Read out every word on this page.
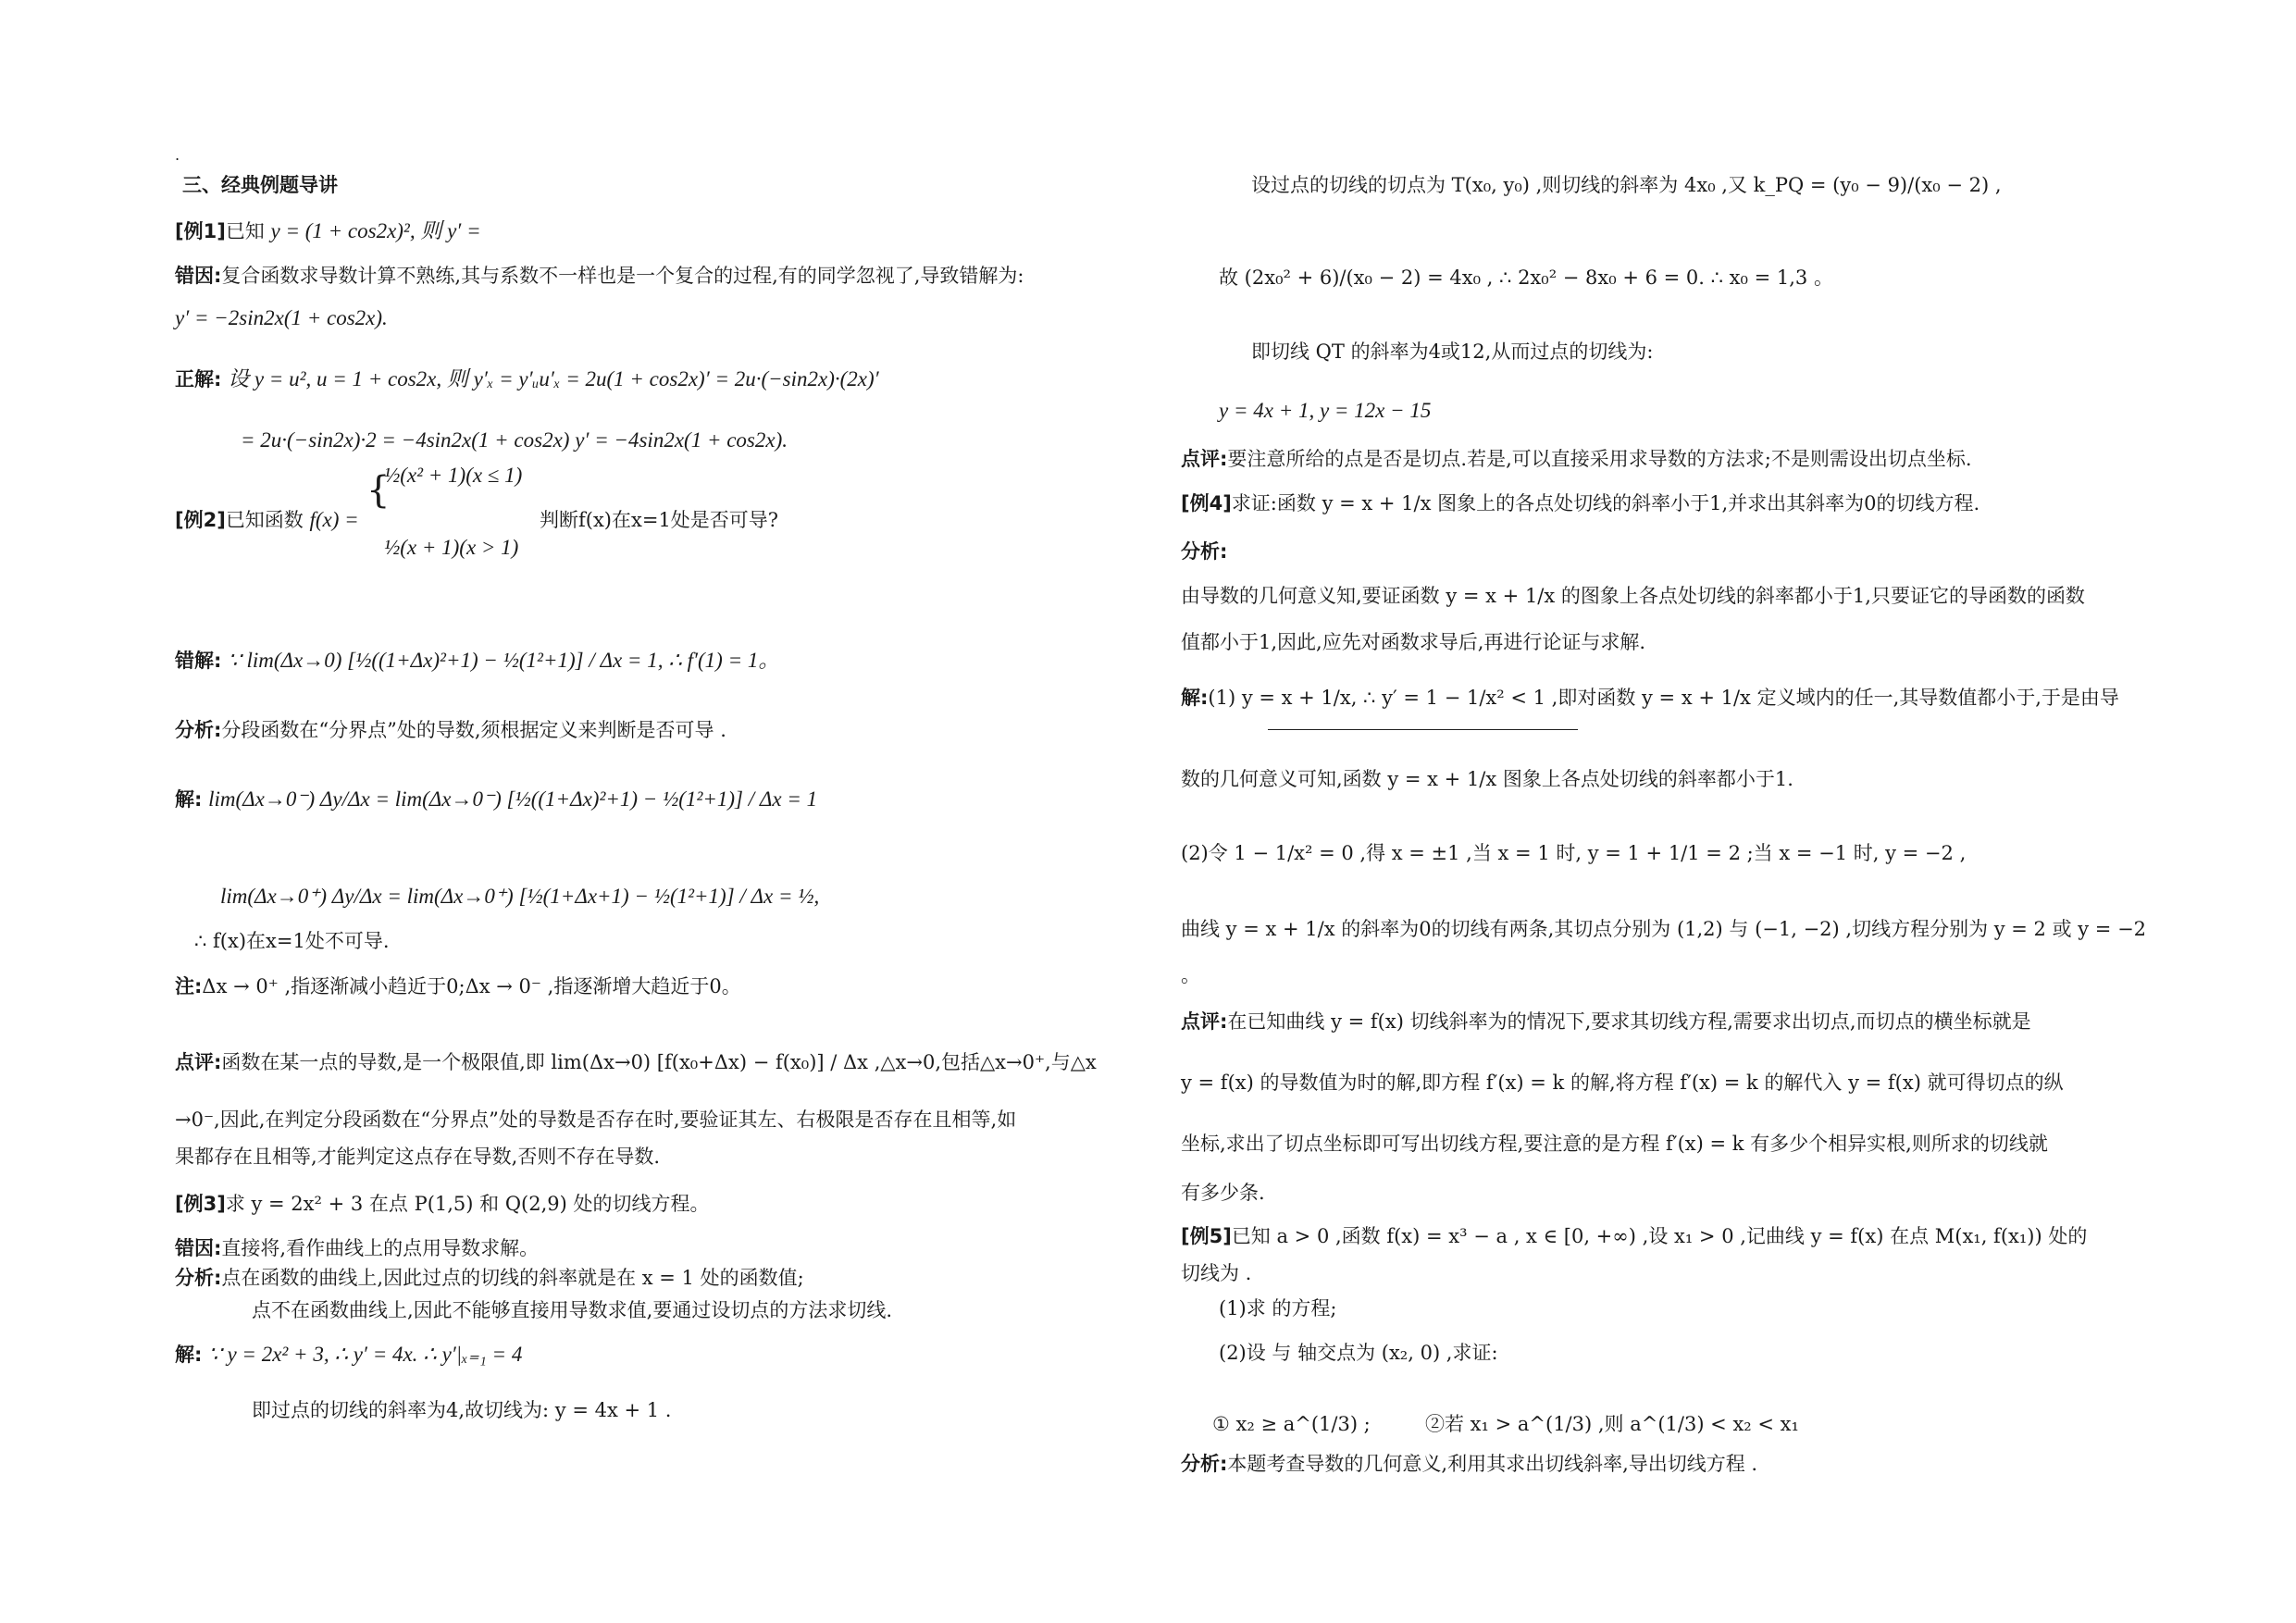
.
三、经典例题导讲
[例1]已知 y = (1 + cos2x)², 则 y′ =
错因:复合函数求导数计算不熟练,其与系数不一样也是一个复合的过程,有的同学忽视了,导致错解为:
y′ = −2sin2x(1 + cos2x).
正解: 设 y = u², u = 1 + cos2x, 则 y′ₓ = y′ᵤu′ₓ = 2u(1 + cos2x)′ = 2u·(−sin2x)·(2x)′
= 2u·(−sin2x)·2 = −4sin2x(1 + cos2x) y′ = −4sin2x(1 + cos2x).
[例2]已知函数 f(x) =
{
½(x² + 1)(x ≤ 1)
½(x + 1)(x > 1)
判断f(x)在x=1处是否可导?
错解: ∵ lim(Δx→0) [½((1+Δx)²+1) − ½(1²+1)] / Δx = 1, ∴ f′(1) = 1。
分析:分段函数在“分界点”处的导数,须根据定义来判断是否可导 .
解: lim(Δx→0⁻) Δy/Δx = lim(Δx→0⁻) [½((1+Δx)²+1) − ½(1²+1)] / Δx = 1
lim(Δx→0⁺) Δy/Δx = lim(Δx→0⁺) [½(1+Δx+1) − ½(1²+1)] / Δx = ½,
∴ f(x)在x=1处不可导.
注:Δx → 0⁺ ,指逐渐减小趋近于0;Δx → 0⁻ ,指逐渐增大趋近于0。
点评:函数在某一点的导数,是一个极限值,即 lim(Δx→0) [f(x₀+Δx) − f(x₀)] / Δx ,△x→0,包括△x→0⁺,与△x
→0⁻,因此,在判定分段函数在“分界点”处的导数是否存在时,要验证其左、右极限是否存在且相等,如
果都存在且相等,才能判定这点存在导数,否则不存在导数.
[例3]求 y = 2x² + 3 在点 P(1,5) 和 Q(2,9) 处的切线方程。
错因:直接将,看作曲线上的点用导数求解。
分析:点在函数的曲线上,因此过点的切线的斜率就是在 x = 1 处的函数值;
点不在函数曲线上,因此不能够直接用导数求值,要通过设切点的方法求切线.
解: ∵ y = 2x² + 3, ∴ y′ = 4x. ∴ y′|ₓ₌₁ = 4
即过点的切线的斜率为4,故切线为: y = 4x + 1 .
设过点的切线的切点为 T(x₀, y₀) ,则切线的斜率为 4x₀ ,又 k_PQ = (y₀ − 9)/(x₀ − 2) ,
故 (2x₀² + 6)/(x₀ − 2) = 4x₀ , ∴ 2x₀² − 8x₀ + 6 = 0. ∴ x₀ = 1,3 。
即切线 QT 的斜率为4或12,从而过点的切线为:
y = 4x + 1, y = 12x − 15
点评:要注意所给的点是否是切点.若是,可以直接采用求导数的方法求;不是则需设出切点坐标.
[例4]求证:函数 y = x + 1/x 图象上的各点处切线的斜率小于1,并求出其斜率为0的切线方程.
分析:
由导数的几何意义知,要证函数 y = x + 1/x 的图象上各点处切线的斜率都小于1,只要证它的导函数的函数
值都小于1,因此,应先对函数求导后,再进行论证与求解.
解:(1) y = x + 1/x, ∴ y′ = 1 − 1/x² < 1 ,即对函数 y = x + 1/x 定义域内的任一,其导数值都小于,于是由导
数的几何意义可知,函数 y = x + 1/x 图象上各点处切线的斜率都小于1.
(2)令 1 − 1/x² = 0 ,得 x = ±1 ,当 x = 1 时, y = 1 + 1/1 = 2 ;当 x = −1 时, y = −2 ,
曲线 y = x + 1/x 的斜率为0的切线有两条,其切点分别为 (1,2) 与 (−1, −2) ,切线方程分别为 y = 2 或 y = −2
。
点评:在已知曲线 y = f(x) 切线斜率为的情况下,要求其切线方程,需要求出切点,而切点的横坐标就是
y = f(x) 的导数值为时的解,即方程 f′(x) = k 的解,将方程 f′(x) = k 的解代入 y = f(x) 就可得切点的纵
坐标,求出了切点坐标即可写出切线方程,要注意的是方程 f′(x) = k 有多少个相异实根,则所求的切线就
有多少条.
[例5]已知 a > 0 ,函数 f(x) = x³ − a , x ∈ [0, +∞) ,设 x₁ > 0 ,记曲线 y = f(x) 在点 M(x₁, f(x₁)) 处的
切线为 .
(1)求 的方程;
(2)设 与 轴交点为 (x₂, 0) ,求证:
① x₂ ≥ a^(1/3) ;	②若 x₁ > a^(1/3) ,则 a^(1/3) < x₂ < x₁
分析:本题考查导数的几何意义,利用其求出切线斜率,导出切线方程 .
